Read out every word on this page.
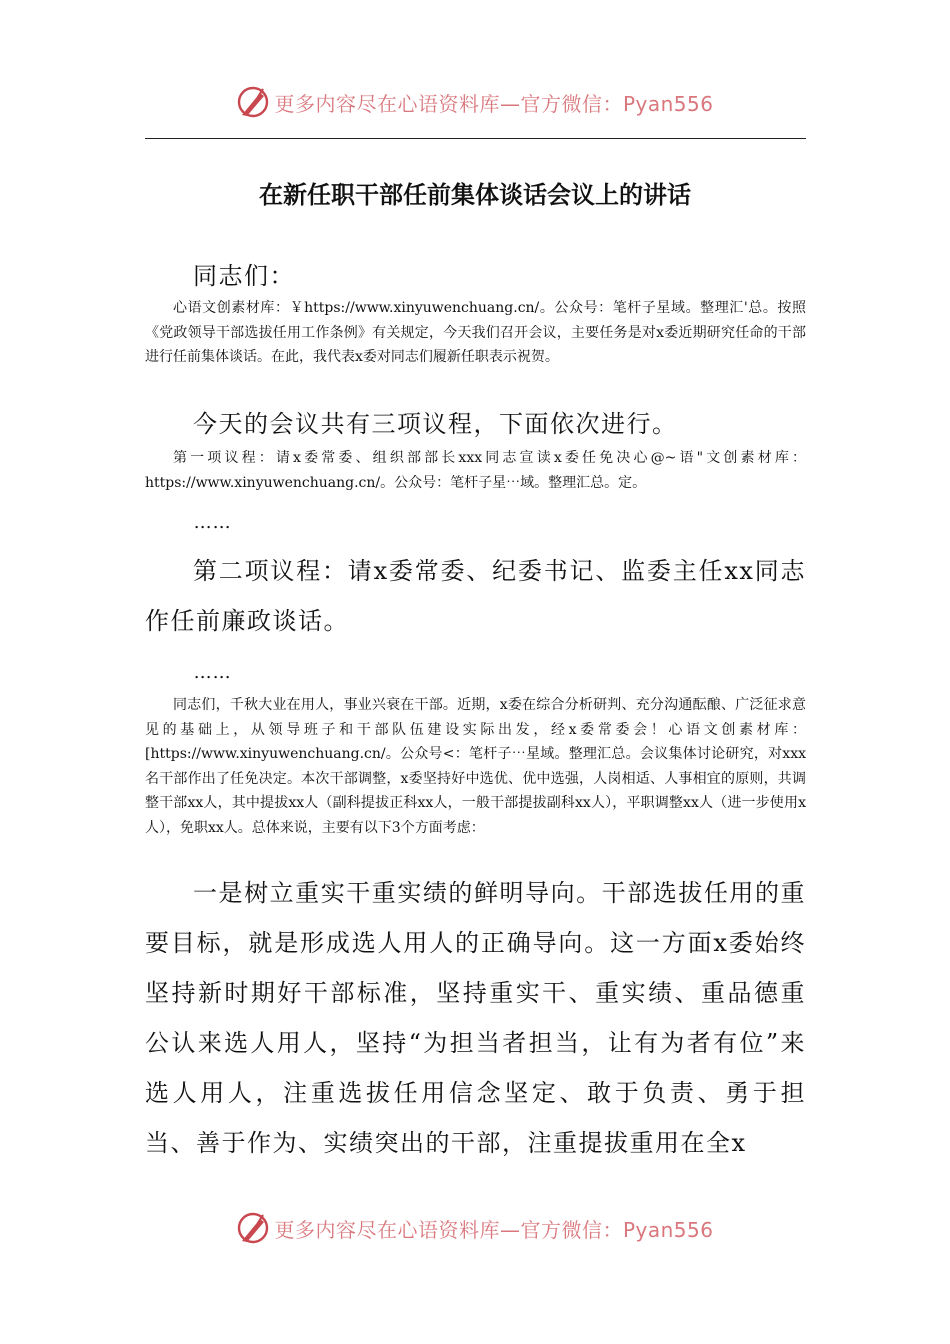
更多内容尽在心语资料库—官方微信：Pyan556
在新任职干部任前集体谈话会议上的讲话

同志们：

心语文创素材库：￥https://www.xinyuwenchuang.cn/。公众号：笔杆子星域。整理汇'总。按照《党政领导干部选拔任用工作条例》有关规定，今天我们召开会议，主要任务是对x委近期研究任命的干部进行任前集体谈话。在此，我代表x委对同志们履新任职表示祝贺。

今天的会议共有三项议程，下面依次进行。

第一项议程：请x委常委、组织部部长xxx同志宣读x委任免决心@~语"文创素材库：https://www.xinyuwenchuang.cn/。公众号：笔杆子星⋯域。整理汇总。定。

……

第二项议程：请x委常委、纪委书记、监委主任xx同志作任前廉政谈话。

……

同志们，千秋大业在用人，事业兴衰在干部。近期，x委在综合分析研判、充分沟通酝酿、广泛征求意见的基础上，从领导班子和干部队伍建设实际出发，经x委常委会！心语文创素材库：[https://www.xinyuwenchuang.cn/。公众号<：笔杆子⋯星域。整理汇总。会议集体讨论研究，对xxx名干部作出了任免决定。本次干部调整，x委坚持好中选优、优中选强，人岗相适、人事相宜的原则，共调整干部xx人，其中提拔xx人（副科提拔正科xx人，一般干部提拔副科xx人），平职调整xx人（进一步使用x人），免职xx人。总体来说，主要有以下3个方面考虑：

一是树立重实干重实绩的鲜明导向。干部选拔任用的重要目标，就是形成选人用人的正确导向。这一方面x委始终坚持新时期好干部标准，坚持重实干、重实绩、重品德重公认来选人用人，坚持“为担当者担当，让有为者有位”来选人用人，注重选拔任用信念坚定、敢于负责、勇于担当、善于作为、实绩突出的干部，注重提拔重用在全x

更多内容尽在心语资料库—官方微信：Pyan556
